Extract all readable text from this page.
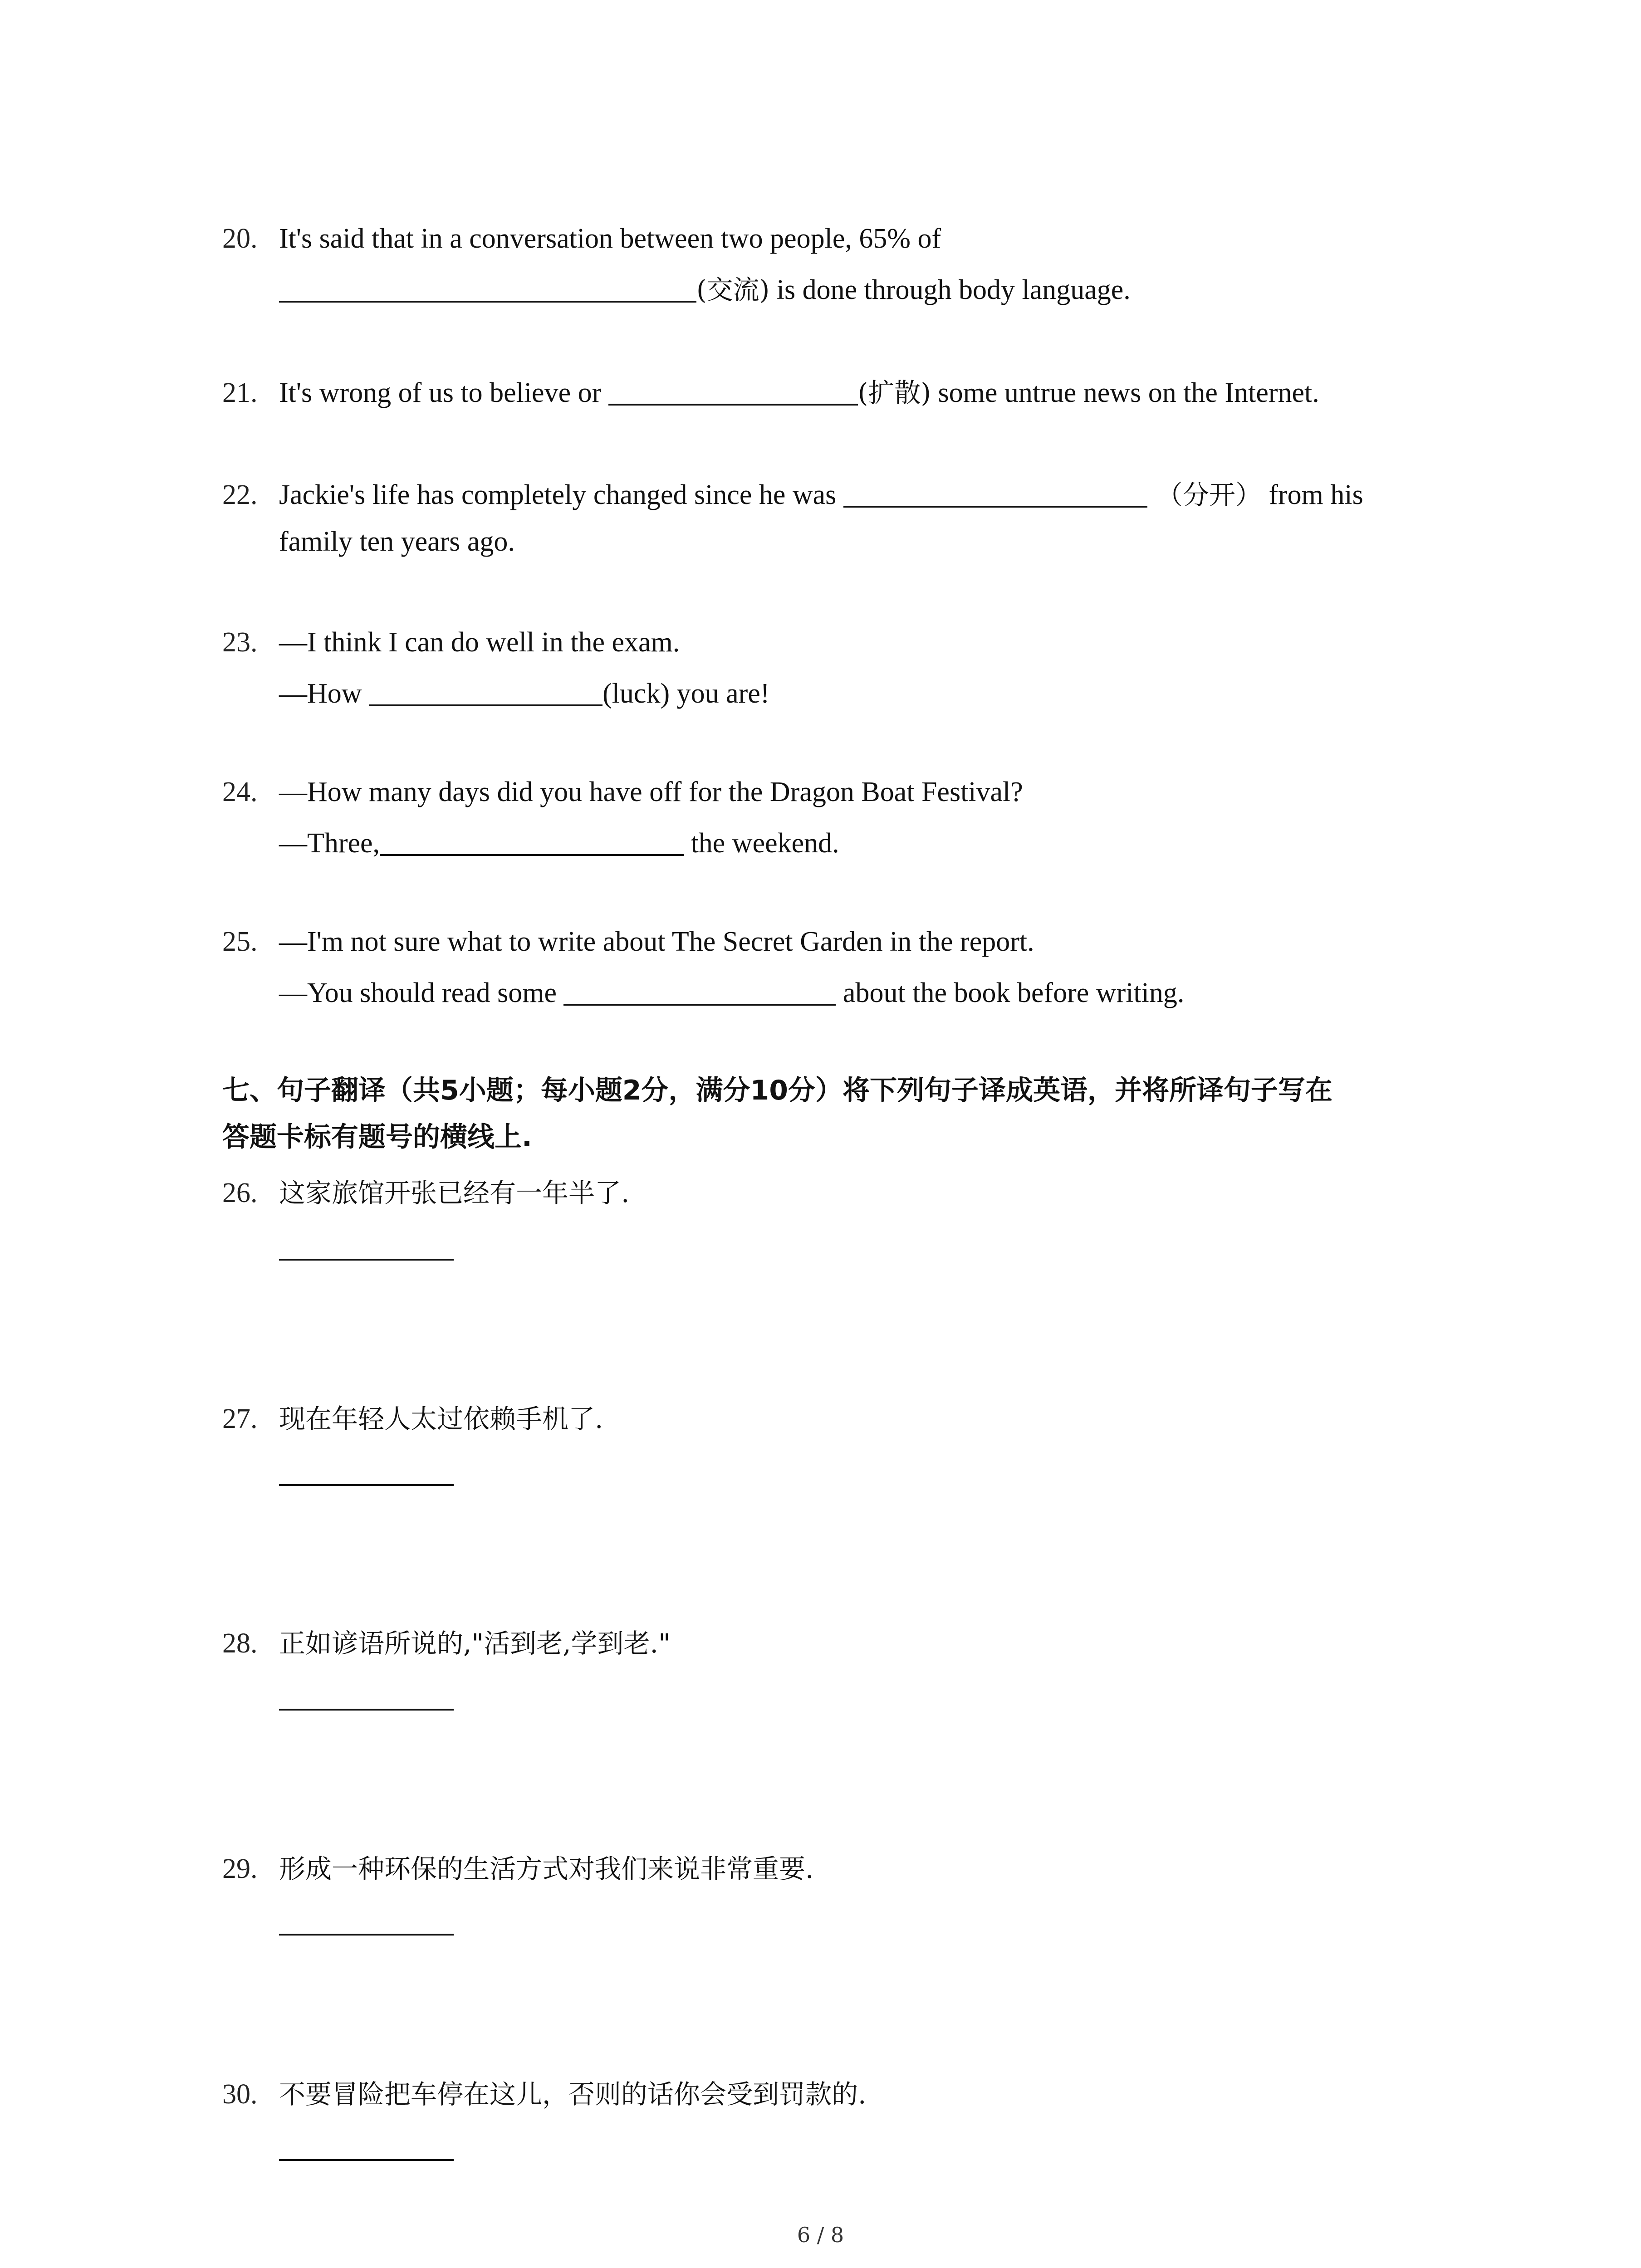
20. It's said that in a conversation between two people, 65% of
(交流) is done through body language.
21. It's wrong of us to believe or	(扩散) some untrue news on the Internet.
22. Jackie's life has completely changed since he was	（分开） from his
family ten years ago.
23. —I think I can do well in the exam.
—How	(luck) you are!
24. —How many days did you have off for the Dragon Boat Festival?
—Three,	the weekend.
25. —I'm not sure what to write about The Secret Garden in the report.
—You should read some	about the book before writing.
七、句子翻译（共5小题；每小题2分，满分10分）将下列句子译成英语，并将所译句子写在
答题卡标有题号的横线上.
26. 这家旅馆开张已经有一年半了.
27. 现在年轻人太过依赖手机了.
28. 正如谚语所说的,"活到老,学到老."
29. 形成一种环保的生活方式对我们来说非常重要.
30. 不要冒险把车停在这儿，否则的话你会受到罚款的.
6 / 8
